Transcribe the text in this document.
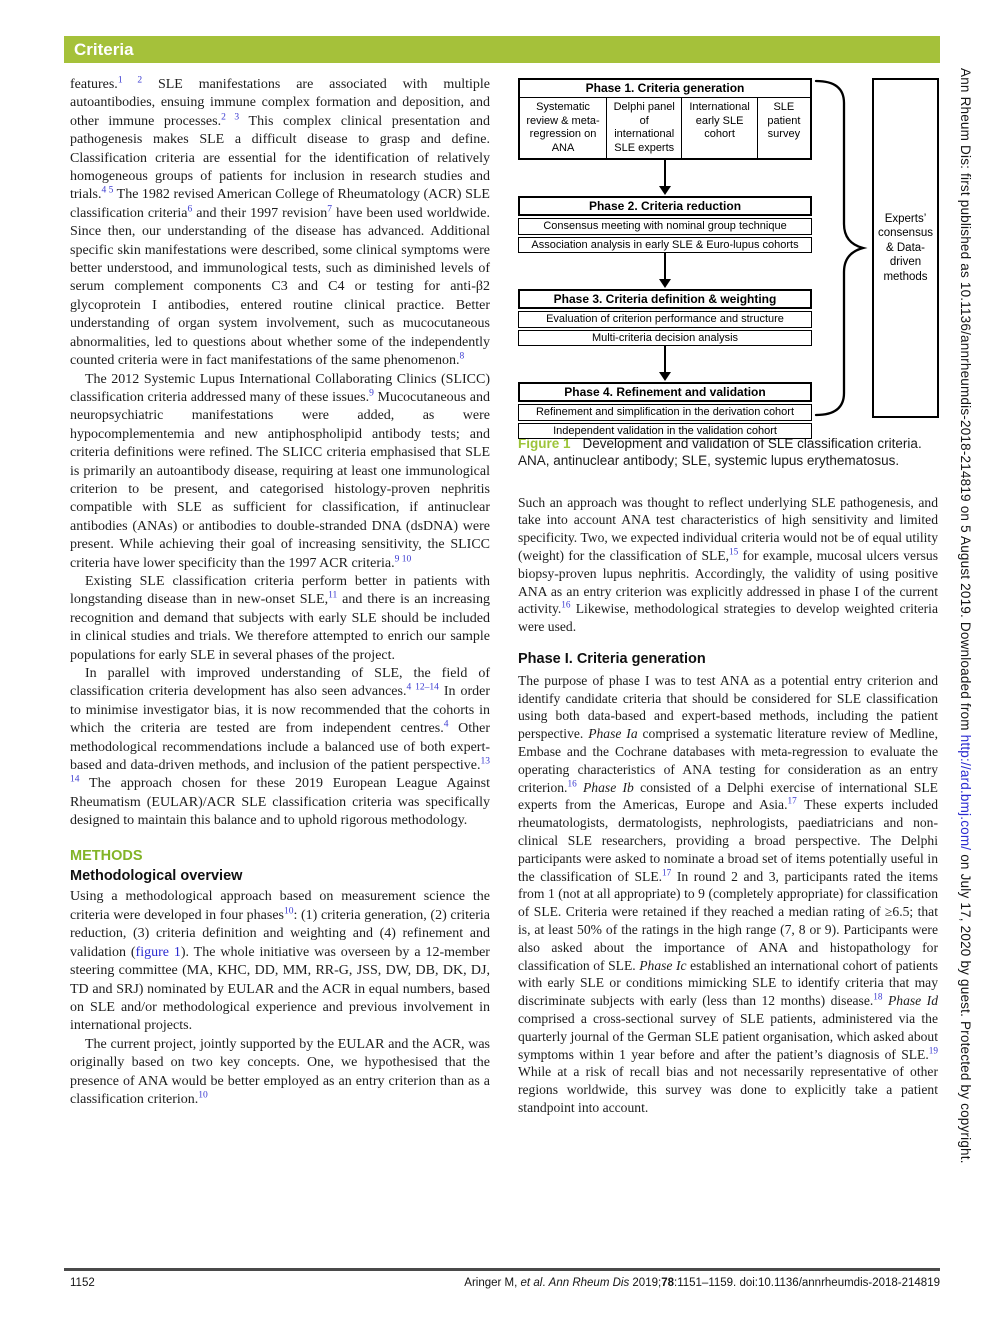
Criteria

features.$^{1 2}$ SLE manifestations are associated with multiple autoantibodies, ensuing immune complex formation and deposition, and other immune processes.$^{2 3}$ This complex clinical presentation and pathogenesis makes SLE a difficult disease to grasp and define. Classification criteria are essential for the identification of relatively homogeneous groups of patients for inclusion in research studies and trials.$^{4 5}$ The 1982 revised American College of Rheumatology (ACR) SLE classification criteria$^6$ and their 1997 revision$^7$ have been used worldwide. Since then, our understanding of the disease has advanced. Additional specific skin manifestations were described, some clinical symptoms were better understood, and immunological tests, such as diminished levels of serum complement components C3 and C4 or testing for anti-β2 glycoprotein I antibodies, entered routine clinical practice. Better understanding of organ system involvement, such as mucocutaneous abnormalities, led to questions about whether some of the independently counted criteria were in fact manifestations of the same phenomenon.$^8$

The 2012 Systemic Lupus International Collaborating Clinics (SLICC) classification criteria addressed many of these issues.$^9$ Mucocutaneous and neuropsychiatric manifestations were added, as were hypocomplementemia and new antiphospholipid antibody tests; and criteria definitions were refined. The SLICC criteria emphasised that SLE is primarily an autoantibody disease, requiring at least one immunological criterion to be present, and categorised histology-proven nephritis compatible with SLE as sufficient for classification, if antinuclear antibodies (ANAs) or antibodies to double-stranded DNA (dsDNA) were present. While achieving their goal of increasing sensitivity, the SLICC criteria have lower specificity than the 1997 ACR criteria.$^{9 10}$

Existing SLE classification criteria perform better in patients with longstanding disease than in new-onset SLE,$^{11}$ and there is an increasing recognition and demand that subjects with early SLE should be included in clinical studies and trials. We therefore attempted to enrich our sample populations for early SLE in several phases of the project.

In parallel with improved understanding of SLE, the field of classification criteria development has also seen advances.$^{4 12-14}$ In order to minimise investigator bias, it is now recommended that the cohorts in which the criteria are tested are from independent centres.$^4$ Other methodological recommendations include a balanced use of both expert-based and data-driven methods, and inclusion of the patient perspective.$^{13 14}$ The approach chosen for these 2019 European League Against Rheumatism (EULAR)/ACR SLE classification criteria was specifically designed to maintain this balance and to uphold rigorous methodology.

METHODS
Methodological overview

Using a methodological approach based on measurement science the criteria were developed in four phases$^{10}$: (1) criteria generation, (2) criteria reduction, (3) criteria definition and weighting and (4) refinement and validation (figure 1). The whole initiative was overseen by a 12-member steering committee (MA, KHC, DD, MM, RR-G, JSS, DW, DB, DK, DJ, TD and SRJ) nominated by EULAR and the ACR in equal numbers, based on SLE and/or methodological experience and previous involvement in international projects.

The current project, jointly supported by the EULAR and the ACR, was originally based on two key concepts. One, we hypothesised that the presence of ANA would be better employed as an entry criterion than as a classification criterion.$^{10}$

Phase 1. Criteria generation
Systematic review & meta-regression on ANA
Delphi panel of international SLE experts
International early SLE cohort
SLE patient survey
Phase 2. Criteria reduction
Consensus meeting with nominal group technique
Association analysis in early SLE & Euro-lupus cohorts
Phase 3. Criteria definition & weighting
Evaluation of criterion performance and structure
Multi-criteria decision analysis
Phase 4. Refinement and validation
Refinement and simplification in the derivation cohort
Independent validation in the validation cohort
Experts’ consensus & Data-driven methods

Figure 1 Development and validation of SLE classification criteria. ANA, antinuclear antibody; SLE, systemic lupus erythematosus.

Such an approach was thought to reflect underlying SLE pathogenesis, and take into account ANA test characteristics of high sensitivity and limited specificity. Two, we expected individual criteria would not be of equal utility (weight) for the classification of SLE,$^{15}$ for example, mucosal ulcers versus biopsy-proven lupus nephritis. Accordingly, the validity of using positive ANA as an entry criterion was explicitly addressed in phase I of the current activity.$^{16}$ Likewise, methodological strategies to develop weighted criteria were used.

Phase I. Criteria generation

The purpose of phase I was to test ANA as a potential entry criterion and identify candidate criteria that should be considered for SLE classification using both data-based and expert-based methods, including the patient perspective. Phase Ia comprised a systematic literature review of Medline, Embase and the Cochrane databases with meta-regression to evaluate the operating characteristics of ANA testing for consideration as an entry criterion.$^{16}$ Phase Ib consisted of a Delphi exercise of international SLE experts from the Americas, Europe and Asia.$^{17}$ These experts included rheumatologists, dermatologists, nephrologists, paediatricians and non-clinical SLE researchers, providing a broad perspective. The Delphi participants were asked to nominate a broad set of items potentially useful in the classification of SLE.$^{17}$ In round 2 and 3, participants rated the items from 1 (not at all appropriate) to 9 (completely appropriate) for classification of SLE. Criteria were retained if they reached a median rating of ≥6.5; that is, at least 50% of the ratings in the high range (7, 8 or 9). Participants were also asked about the importance of ANA and histopathology for classification of SLE. Phase Ic established an international cohort of patients with early SLE or conditions mimicking SLE to identify criteria that may discriminate subjects with early (less than 12 months) disease.$^{18}$ Phase Id comprised a cross-sectional survey of SLE patients, administered via the quarterly journal of the German SLE patient organisation, which asked about symptoms within 1 year before and after the patient’s diagnosis of SLE.$^{19}$ While at a risk of recall bias and not necessarily representative of other regions worldwide, this survey was done to explicitly take a patient standpoint into account.

Ann Rheum Dis: first published as 10.1136/annrheumdis-2018-214819 on 5 August 2019. Downloaded from http://ard.bmj.com/ on July 17, 2020 by guest. Protected by copyright.
1152	Aringer M, et al. Ann Rheum Dis 2019;78:1151–1159. doi:10.1136/annrheumdis-2018-214819
